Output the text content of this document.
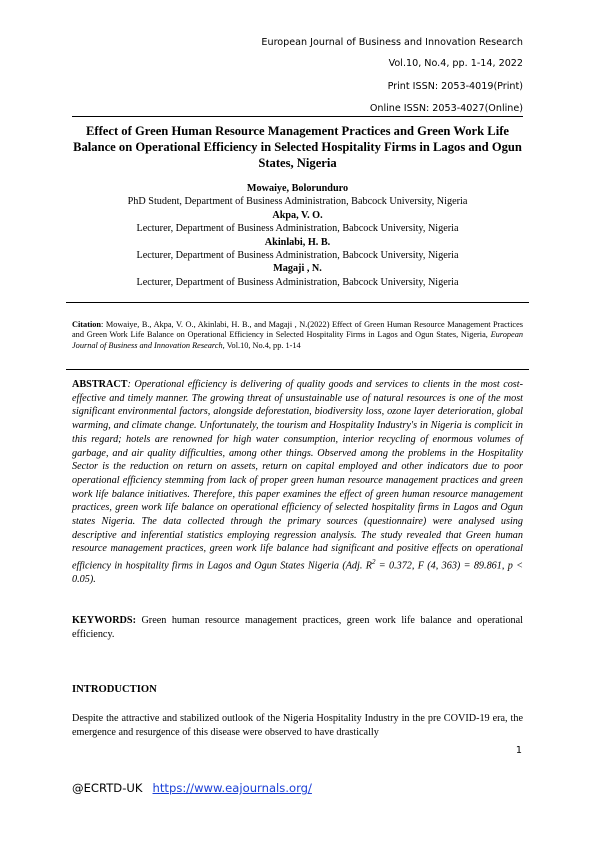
European Journal of Business and Innovation Research
Vol.10, No.4, pp. 1-14, 2022
Print ISSN: 2053-4019(Print)
Online ISSN: 2053-4027(Online)
Effect of Green Human Resource Management Practices and Green Work Life Balance on Operational Efficiency in Selected Hospitality Firms in Lagos and Ogun States, Nigeria
Mowaiye, Bolorunduro
PhD Student, Department of Business Administration, Babcock University, Nigeria
Akpa, V. O.
Lecturer, Department of Business Administration, Babcock University, Nigeria
Akinlabi, H. B.
Lecturer, Department of Business Administration, Babcock University, Nigeria
Magaji , N.
Lecturer, Department of Business Administration, Babcock University, Nigeria
Citation: Mowaiye, B., Akpa, V. O., Akinlabi, H. B., and Magaji , N.(2022) Effect of Green Human Resource Management Practices and Green Work Life Balance on Operational Efficiency in Selected Hospitality Firms in Lagos and Ogun States, Nigeria, European Journal of Business and Innovation Research, Vol.10, No.4, pp. 1-14
ABSTRACT: Operational efficiency is delivering of quality goods and services to clients in the most cost-effective and timely manner. The growing threat of unsustainable use of natural resources is one of the most significant environmental factors, alongside deforestation, biodiversity loss, ozone layer deterioration, global warming, and climate change. Unfortunately, the tourism and Hospitality Industry's in Nigeria is complicit in this regard; hotels are renowned for high water consumption, interior recycling of enormous volumes of garbage, and air quality difficulties, among other things. Observed among the problems in the Hospitality Sector is the reduction on return on assets, return on capital employed and other indicators due to poor operational efficiency stemming from lack of proper green human resource management practices and green work life balance initiatives. Therefore, this paper examines the effect of green human resource management practices, green work life balance on operational efficiency of selected hospitality firms in Lagos and Ogun states Nigeria. The data collected through the primary sources (questionnaire) were analysed using descriptive and inferential statistics employing regression analysis. The study revealed that Green human resource management practices, green work life balance had significant and positive effects on operational efficiency in hospitality firms in Lagos and Ogun States Nigeria (Adj. $R^2 = 0.372$, F (4, 363) = 89.861, p < 0.05).
KEYWORDS: Green human resource management practices, green work life balance and operational efficiency.
INTRODUCTION
Despite the attractive and stabilized outlook of the Nigeria Hospitality Industry in the pre COVID-19 era, the emergence and resurgence of this disease were observed to have drastically
1
@ECRTD-UK https://www.eajournals.org/
